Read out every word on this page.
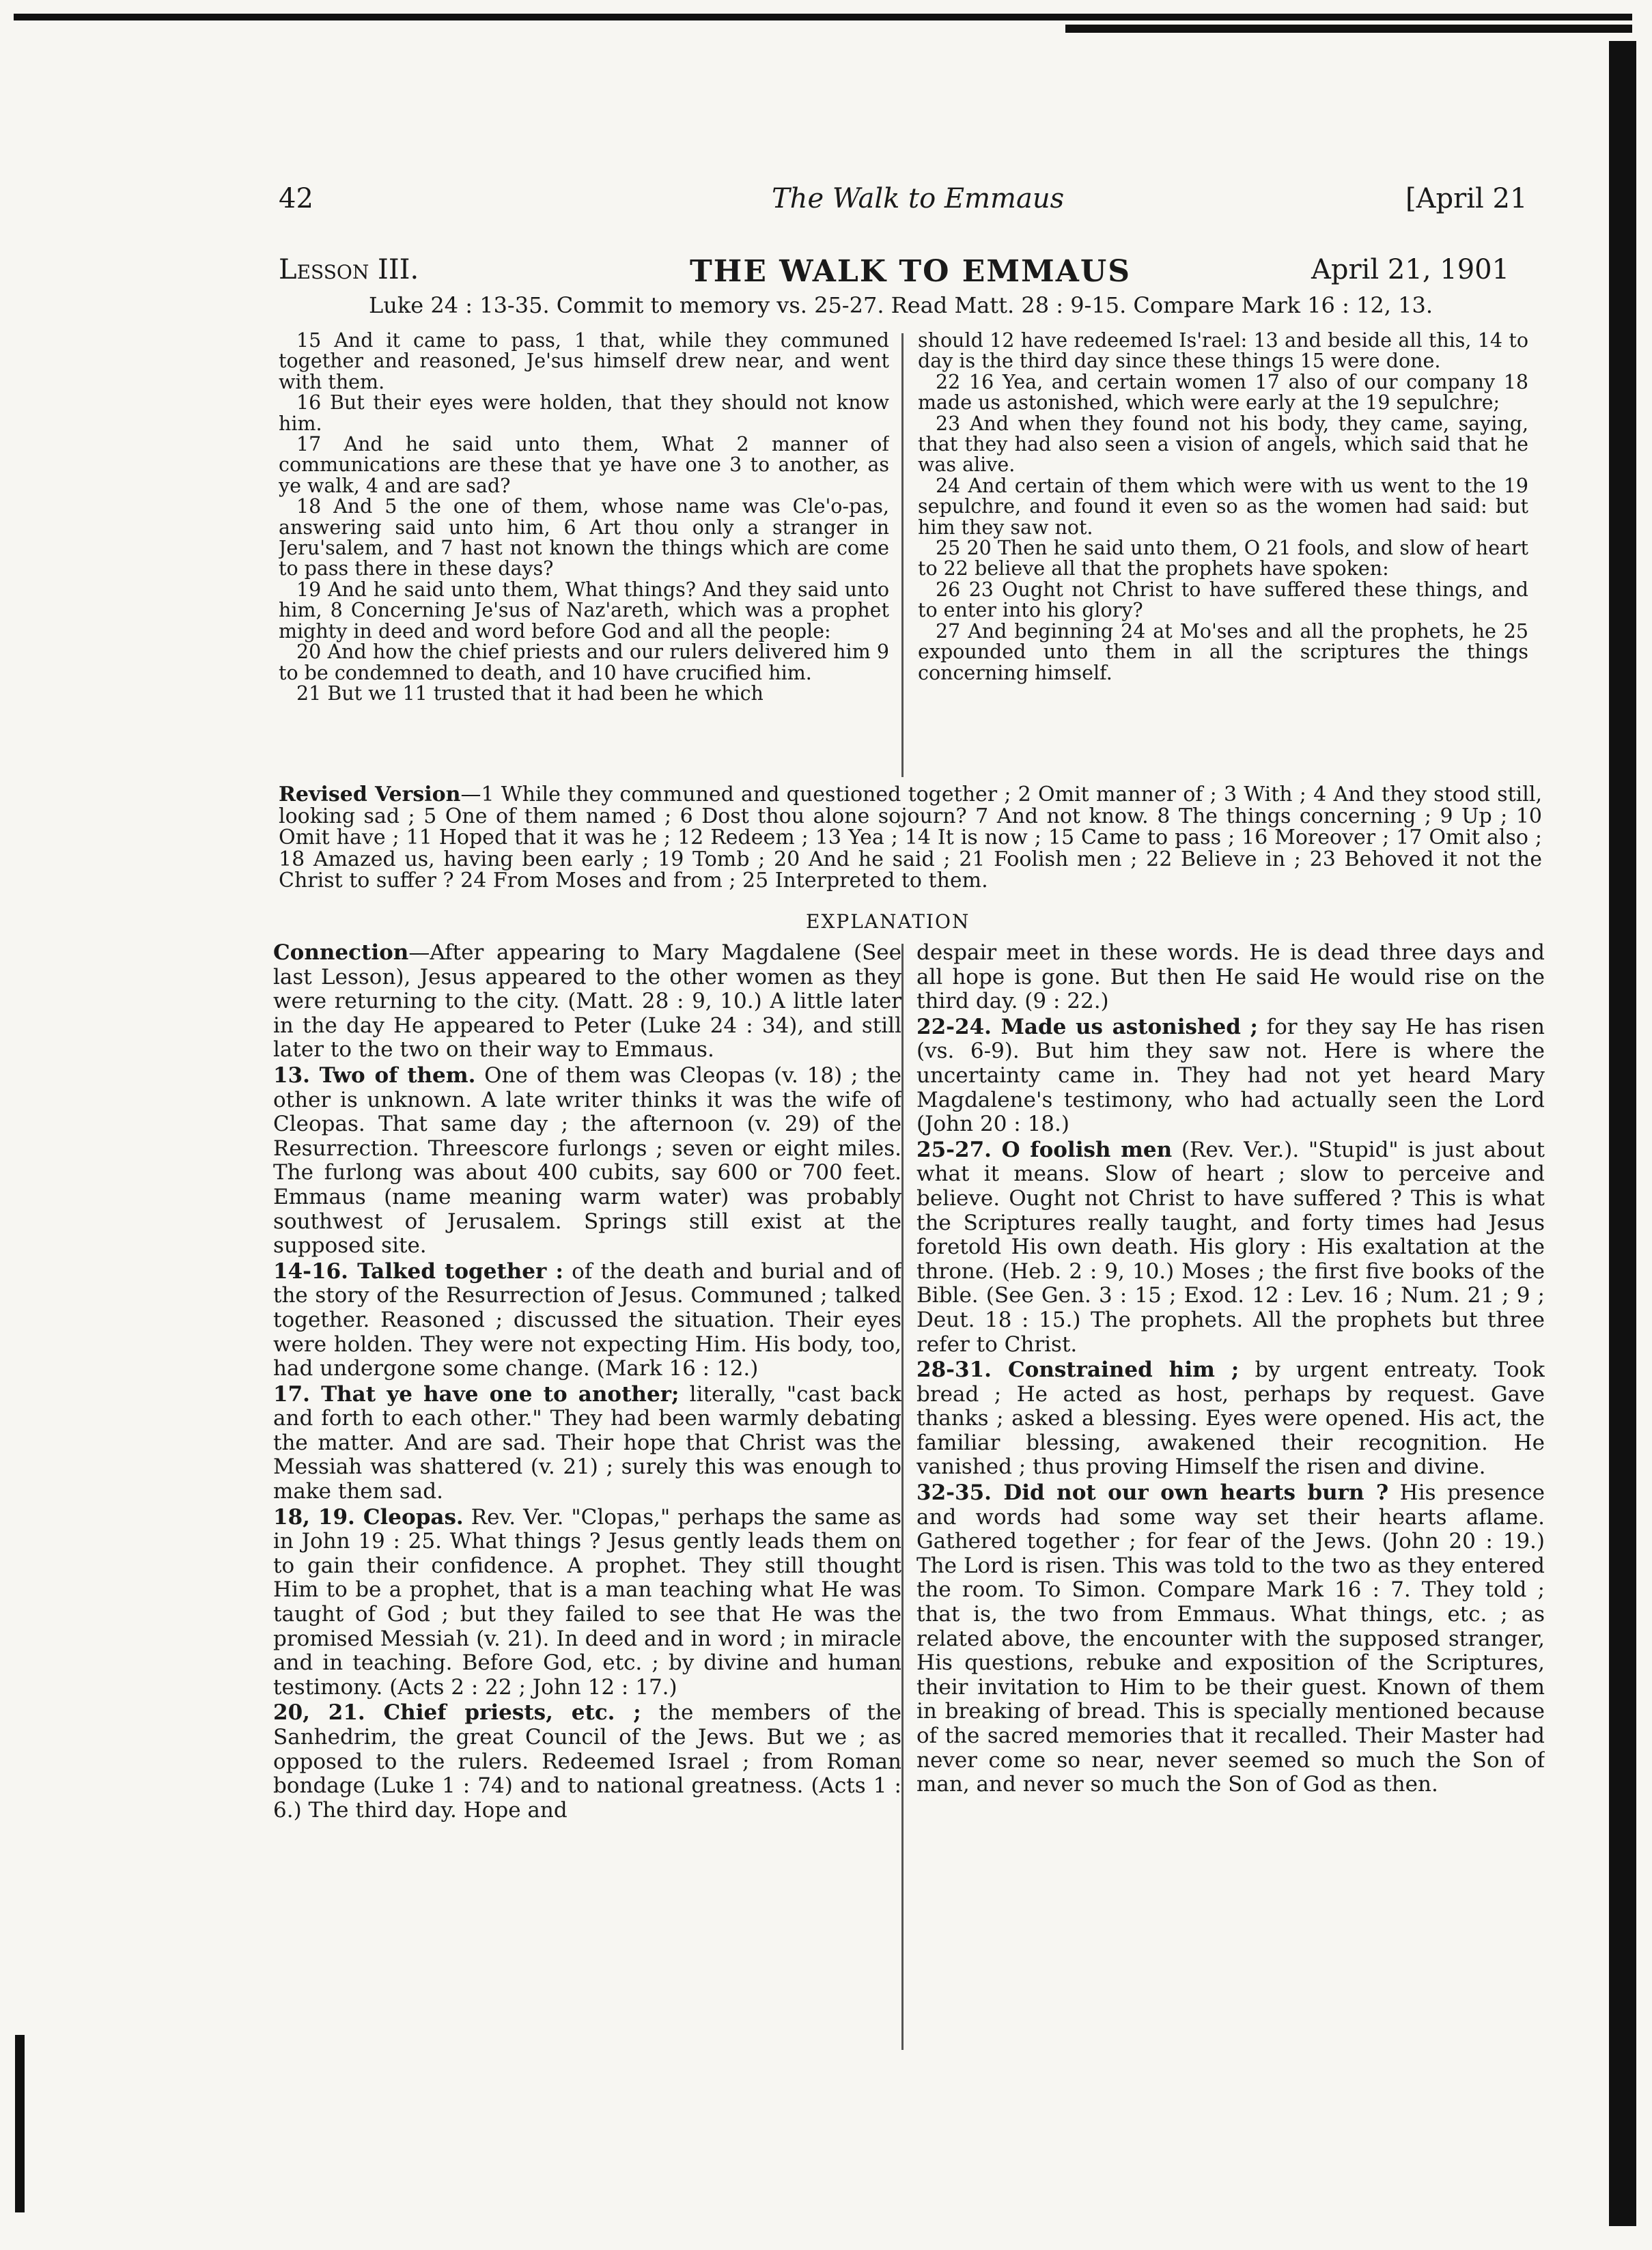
42	The Walk to Emmaus	[April 21
Lesson III.	THE WALK TO EMMAUS	April 21, 1901
Luke 24 : 13-35. Commit to memory vs. 25-27. Read Matt. 28 : 9-15. Compare Mark 16 : 12, 13.

15 And it came to pass, 1 that, while they communed together and reasoned, Je'sus himself drew near, and went with them.

16 But their eyes were holden, that they should not know him.

17 And he said unto them, What 2 manner of communications are these that ye have one 3 to another, as ye walk, 4 and are sad?

18 And 5 the one of them, whose name was Cle'o-pas, answering said unto him, 6 Art thou only a stranger in Jeru'salem, and 7 hast not known the things which are come to pass there in these days?

19 And he said unto them, What things? And they said unto him, 8 Concerning Je'sus of Naz'areth, which was a prophet mighty in deed and word before God and all the people:

20 And how the chief priests and our rulers delivered him 9 to be condemned to death, and 10 have crucified him.

21 But we 11 trusted that it had been he which

should 12 have redeemed Is'rael: 13 and beside all this, 14 to day is the third day since these things 15 were done.

22 16 Yea, and certain women 17 also of our company 18 made us astonished, which were early at the 19 sepulchre;

23 And when they found not his body, they came, saying, that they had also seen a vision of angels, which said that he was alive.

24 And certain of them which were with us went to the 19 sepulchre, and found it even so as the women had said: but him they saw not.

25 20 Then he said unto them, O 21 fools, and slow of heart to 22 believe all that the prophets have spoken:

26 23 Ought not Christ to have suffered these things, and to enter into his glory?

27 And beginning 24 at Mo'ses and all the prophets, he 25 expounded unto them in all the scriptures the things concerning himself.

Revised Version—1 While they communed and questioned together ; 2 Omit manner of ; 3 With ; 4 And they stood still, looking sad ; 5 One of them named ; 6 Dost thou alone sojourn? 7 And not know. 8 The things concerning ; 9 Up ; 10 Omit have ; 11 Hoped that it was he ; 12 Redeem ; 13 Yea ; 14 It is now ; 15 Came to pass ; 16 Moreover ; 17 Omit also ; 18 Amazed us, having been early ; 19 Tomb ; 20 And he said ; 21 Foolish men ; 22 Believe in ; 23 Behoved it not the Christ to suffer ? 24 From Moses and from ; 25 Interpreted to them.
EXPLANATION

Connection—After appearing to Mary Magdalene (See last Lesson), Jesus appeared to the other women as they were returning to the city. (Matt. 28 : 9, 10.) A little later in the day He appeared to Peter (Luke 24 : 34), and still later to the two on their way to Emmaus.

13. Two of them. One of them was Cleopas (v. 18) ; the other is unknown. A late writer thinks it was the wife of Cleopas. That same day ; the afternoon (v. 29) of the Resurrection. Threescore furlongs ; seven or eight miles. The furlong was about 400 cubits, say 600 or 700 feet. Emmaus (name meaning warm water) was probably southwest of Jerusalem. Springs still exist at the supposed site.

14-16. Talked together : of the death and burial and of the story of the Resurrection of Jesus. Communed ; talked together. Reasoned ; discussed the situation. Their eyes were holden. They were not expecting Him. His body, too, had undergone some change. (Mark 16 : 12.)

17. That ye have one to another; literally, "cast back and forth to each other." They had been warmly debating the matter. And are sad. Their hope that Christ was the Messiah was shattered (v. 21) ; surely this was enough to make them sad.

18, 19. Cleopas. Rev. Ver. "Clopas," perhaps the same as in John 19 : 25. What things ? Jesus gently leads them on to gain their confidence. A prophet. They still thought Him to be a prophet, that is a man teaching what He was taught of God ; but they failed to see that He was the promised Messiah (v. 21). In deed and in word ; in miracle and in teaching. Before God, etc. ; by divine and human testimony. (Acts 2 : 22 ; John 12 : 17.)

20, 21. Chief priests, etc. ; the members of the Sanhedrim, the great Council of the Jews. But we ; as opposed to the rulers. Redeemed Israel ; from Roman bondage (Luke 1 : 74) and to national greatness. (Acts 1 : 6.) The third day. Hope and

despair meet in these words. He is dead three days and all hope is gone. But then He said He would rise on the third day. (9 : 22.)

22-24. Made us astonished ; for they say He has risen (vs. 6-9). But him they saw not. Here is where the uncertainty came in. They had not yet heard Mary Magdalene's testimony, who had actually seen the Lord (John 20 : 18.)

25-27. O foolish men (Rev. Ver.). "Stupid" is just about what it means. Slow of heart ; slow to perceive and believe. Ought not Christ to have suffered ? This is what the Scriptures really taught, and forty times had Jesus foretold His own death. His glory : His exaltation at the throne. (Heb. 2 : 9, 10.) Moses ; the first five books of the Bible. (See Gen. 3 : 15 ; Exod. 12 : Lev. 16 ; Num. 21 ; 9 ; Deut. 18 : 15.) The prophets. All the prophets but three refer to Christ.

28-31. Constrained him ; by urgent entreaty. Took bread ; He acted as host, perhaps by request. Gave thanks ; asked a blessing. Eyes were opened. His act, the familiar blessing, awakened their recognition. He vanished ; thus proving Himself the risen and divine.

32-35. Did not our own hearts burn ? His presence and words had some way set their hearts aflame. Gathered together ; for fear of the Jews. (John 20 : 19.) The Lord is risen. This was told to the two as they entered the room. To Simon. Compare Mark 16 : 7. They told ; that is, the two from Emmaus. What things, etc. ; as related above, the encounter with the supposed stranger, His questions, rebuke and exposition of the Scriptures, their invitation to Him to be their guest. Known of them in breaking of bread. This is specially mentioned because of the sacred memories that it recalled. Their Master had never come so near, never seemed so much the Son of man, and never so much the Son of God as then.
